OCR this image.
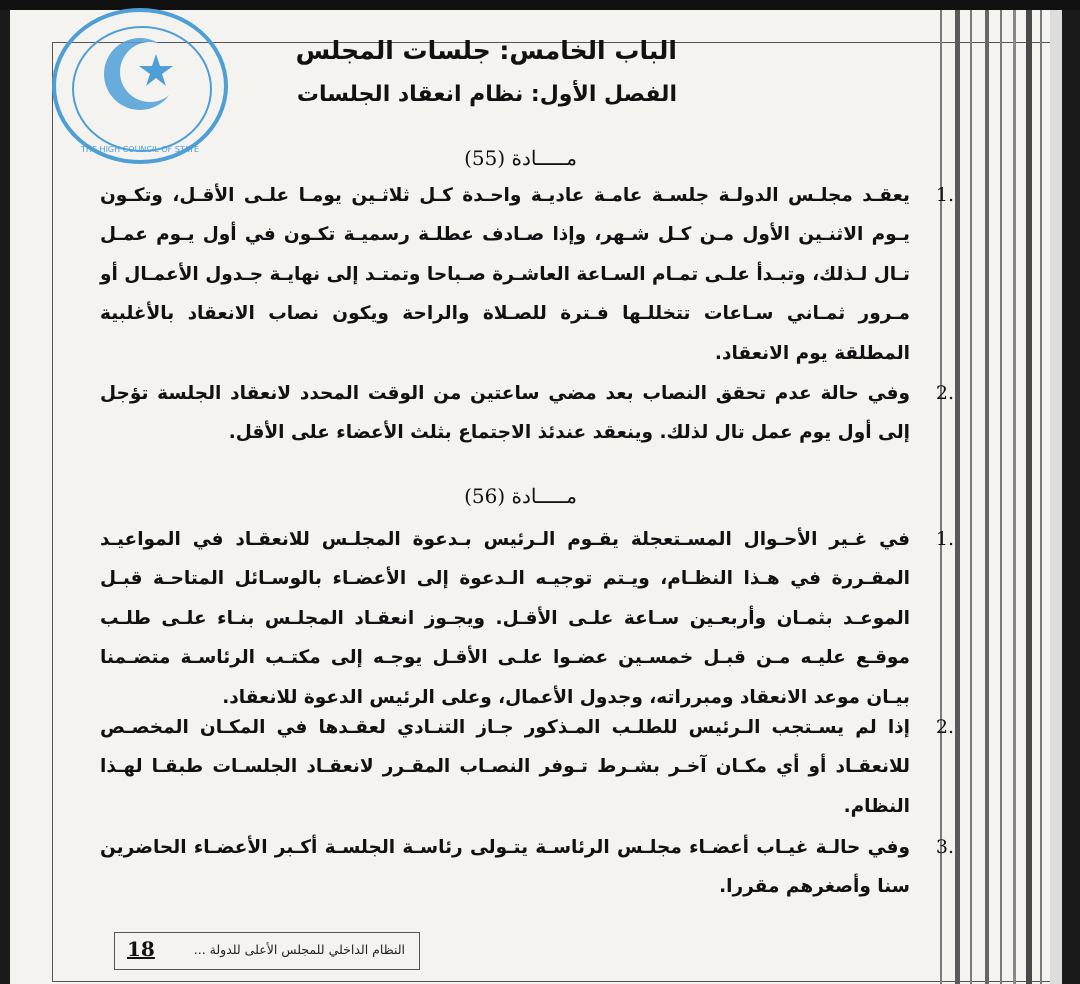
THE HIGH COUNCIL OF STATE
الباب الخامس: جلسات المجلس
الفصل الأول: نظام انعقاد الجلسات
مـــــادة (55)
1.
يعقـد مجلـس الدولـة جلسـة عامـة عاديـة واحـدة كـل ثلاثـين يومـا علـى الأقـل، وتكـون يـوم الاثنـين الأول مـن كـل شـهر، وإذا صـادف عطلـة رسميـة تكـون في أول يـوم عمـل تـال لـذلك، وتبـدأ علـى تمـام السـاعة العاشـرة صـباحا وتمتـد إلى نهايـة جـدول الأعمـال أو مـرور ثمـاني سـاعات تتخللـها فـترة للصـلاة والراحة ويكون نصاب الانعقاد بالأغلبية المطلقة يوم الانعقاد.
2.
وفي حالة عدم تحقق النصاب بعد مضي ساعتين من الوقت المحدد لانعقاد الجلسة تؤجل إلى أول يوم عمل تال لذلك. وينعقد عندئذ الاجتماع بثلث الأعضاء على الأقل.
مـــــادة (56)
1.
في غـير الأحـوال المسـتعجلة يقـوم الـرئيس بـدعوة المجلـس للانعقـاد في المواعيـد المقـررة في هـذا النظـام، ويـتم توجيـه الـدعوة إلى الأعضـاء بالوسـائل المتاحـة قبـل الموعـد بثمـان وأربعـين سـاعة علـى الأقـل. ويجـوز انعقـاد المجلـس بنـاء علـى طلـب موقـع عليـه مـن قبـل خمسـين عضـوا علـى الأقـل يوجـه إلى مكتـب الرئاسـة متضـمنا بيـان موعد الانعقاد ومبرراته، وجدول الأعمال، وعلى الرئيس الدعوة للانعقاد.
2.
إذا لم يسـتجب الـرئيس للطلـب المـذكور جـاز التنـادي لعقـدها في المكـان المخصـص للانعقـاد أو أي مكـان آخـر بشـرط تـوفر النصـاب المقـرر لانعقـاد الجلسـات طبقـا لهـذا النظام.
3.
وفي حالـة غيـاب أعضـاء مجلـس الرئاسـة يتـولى رئاسـة الجلسـة أكـبر الأعضـاء الحاضرين سنا وأصغرهم مقررا.
النظام الداخلي للمجلس الأعلى للدولة ...
18
